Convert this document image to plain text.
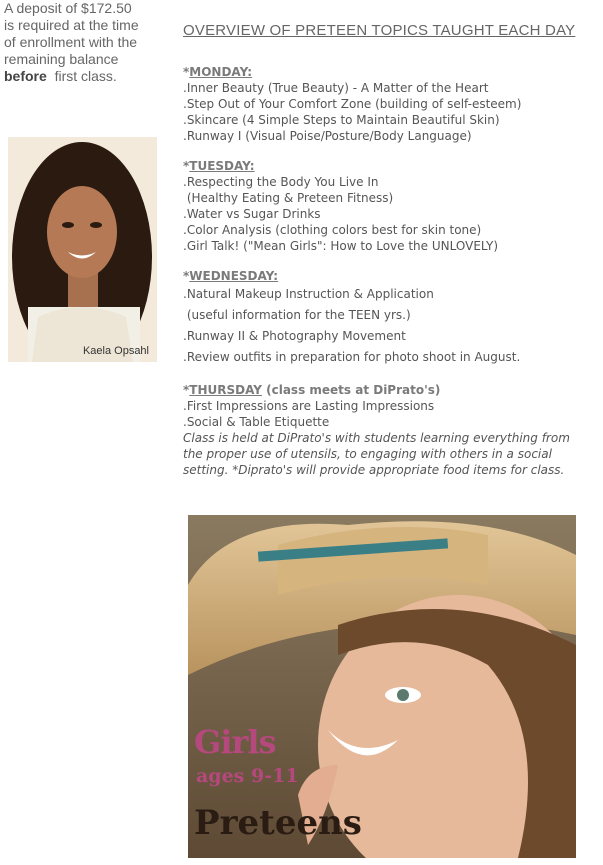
A deposit of $172.50
is required at the time
of enrollment with the
remaining balance
before first class.
Kaela Opsahl
OVERVIEW OF PRETEEN TOPICS TAUGHT EACH DAY
*MONDAY:
.Inner Beauty (True Beauty) - A Matter of the Heart
.Step Out of Your Comfort Zone (building of self-esteem)
.Skincare (4 Simple Steps to Maintain Beautiful Skin)
.Runway I (Visual Poise/Posture/Body Language)
*TUESDAY:
.Respecting the Body You Live In
(Healthy Eating & Preteen Fitness)
.Water vs Sugar Drinks
.Color Analysis (clothing colors best for skin tone)
.Girl Talk! ("Mean Girls": How to Love the UNLOVELY)
*WEDNESDAY:
.Natural Makeup Instruction & Application
(useful information for the TEEN yrs.)
.Runway II & Photography Movement
.Review outfits in preparation for photo shoot in August.
*THURSDAY (class meets at DiPrato's)
.First Impressions are Lasting Impressions
.Social & Table Etiquette
Class is held at DiPrato's with students learning everything from the proper use of utensils, to engaging with others in a social setting. *Diprato's will provide appropriate food items for class.
Girls
ages 9-11
Preteens
